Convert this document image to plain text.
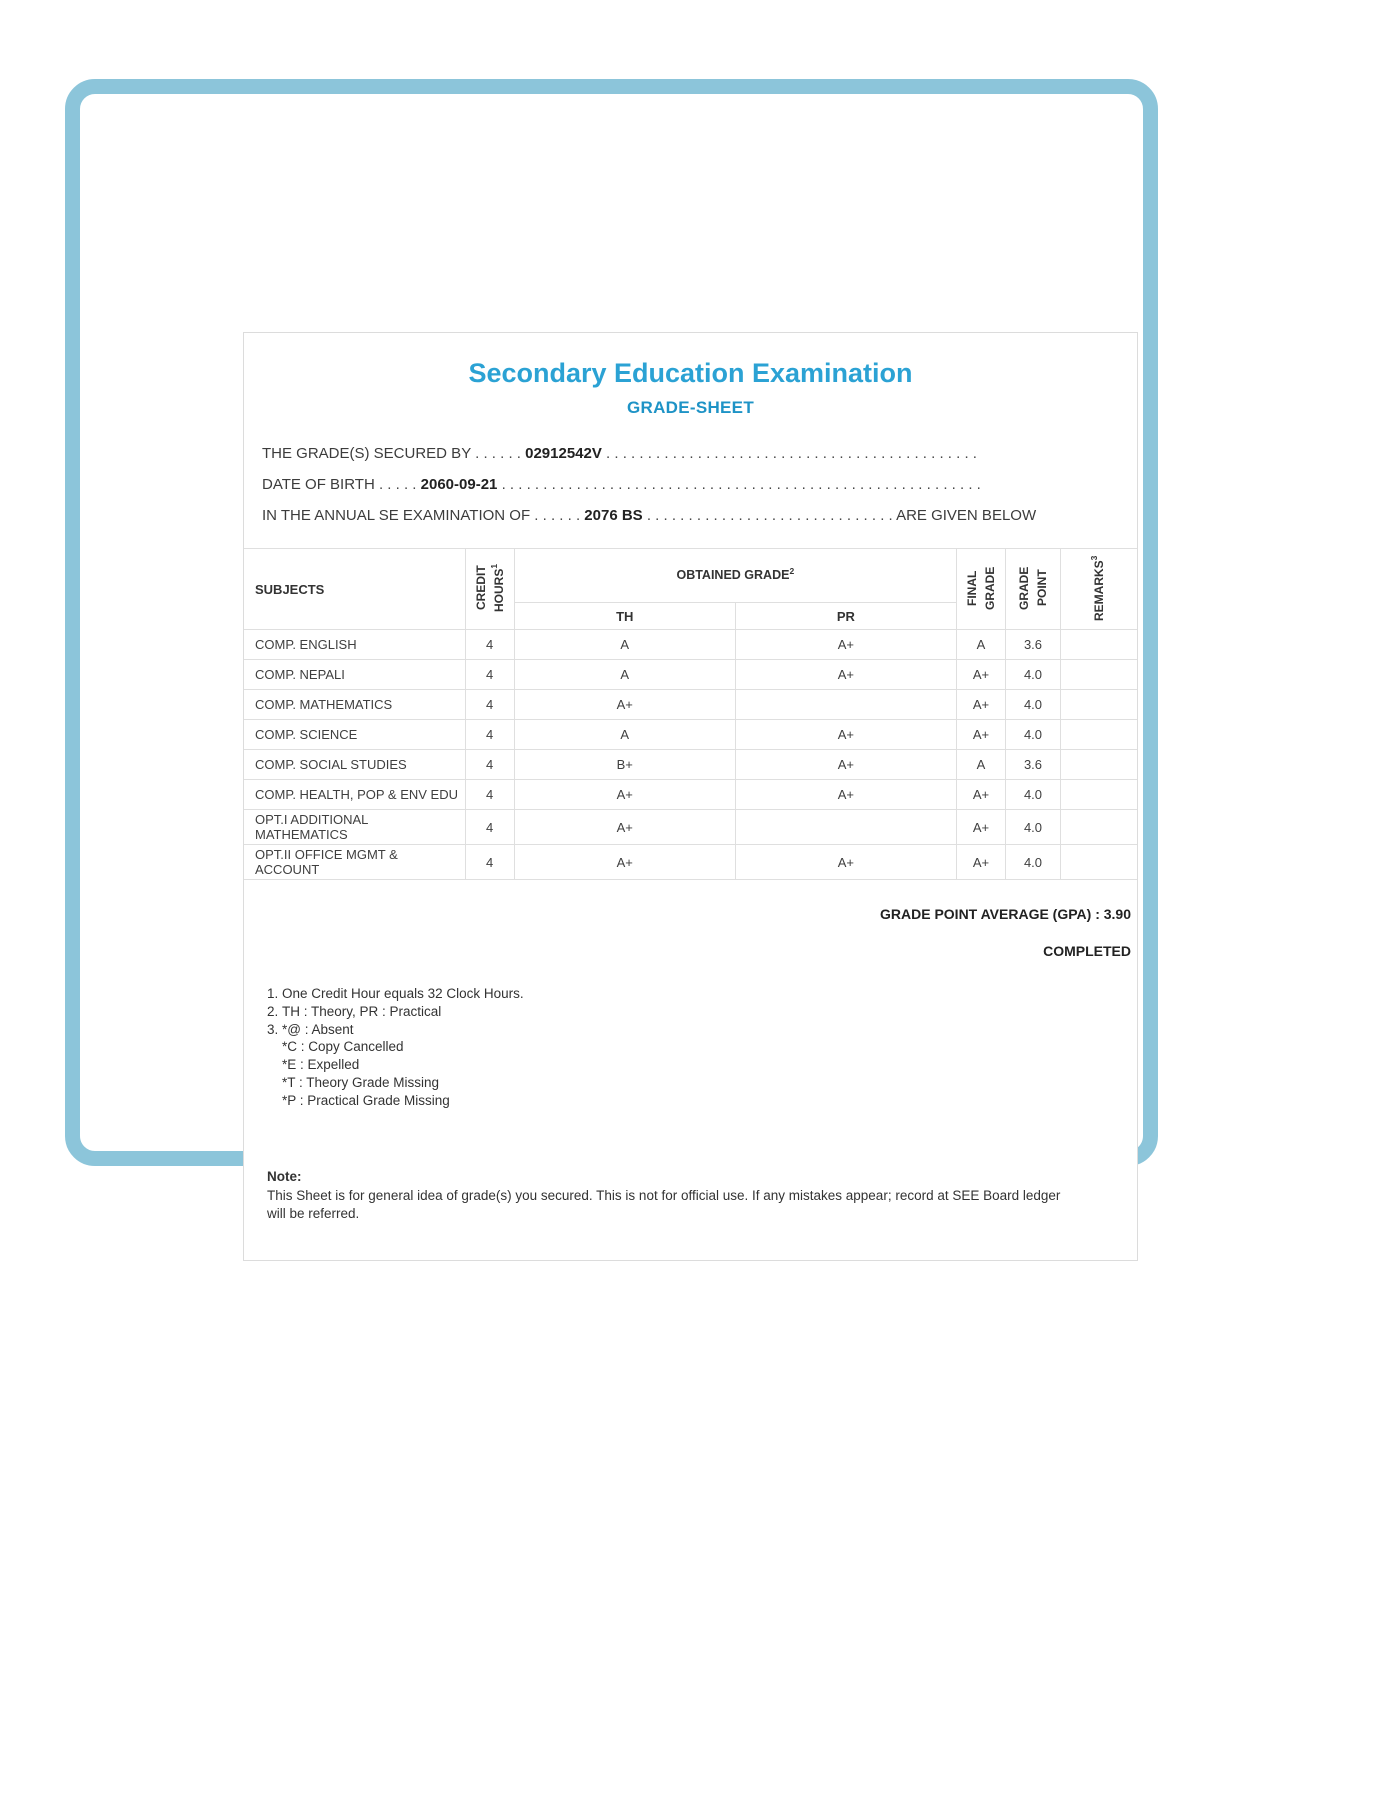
Secondary Education Examination
GRADE-SHEET
THE GRADE(S) SECURED BY . . . . . . 02912542V . . . . . . . . . . . . . . . . . . . . . . . . . . . . . . . . . . . . . . . . . . . . .
DATE OF BIRTH . . . . . 2060-09-21 . . . . . . . . . . . . . . . . . . . . . . . . . . . . . . . . . . . . . . . . . . . . . . . . . . . . . . . . . .
IN THE ANNUAL SE EXAMINATION OF . . . . . . 2076 BS . . . . . . . . . . . . . . . . . . . . . . . . . . . . . . ARE GIVEN BELOW
SUBJECTS	CREDIT HOURS$^1$	OBTAINED GRADE$^2$		FINAL GRADE	GRADE POINT	REMARKS$^3$
		TH	PR			
COMP. ENGLISH	4	A	A+	A	3.6	
COMP. NEPALI	4	A	A+	A+	4.0	
COMP. MATHEMATICS	4	A+		A+	4.0	
COMP. SCIENCE	4	A	A+	A+	4.0	
COMP. SOCIAL STUDIES	4	B+	A+	A	3.6	
COMP. HEALTH, POP & ENV EDU	4	A+	A+	A+	4.0	
OPT.I ADDITIONAL MATHEMATICS	4	A+		A+	4.0	
OPT.II OFFICE MGMT & ACCOUNT	4	A+	A+	A+	4.0	
GRADE POINT AVERAGE (GPA) : 3.90
COMPLETED
1. One Credit Hour equals 32 Clock Hours.
2. TH : Theory, PR : Practical
3. *@ : Absent
*C : Copy Cancelled
*E : Expelled
*T : Theory Grade Missing
*P : Practical Grade Missing
Note:
This Sheet is for general idea of grade(s) you secured. This is not for official use. If any mistakes appear; record at SEE Board ledger will be referred.
